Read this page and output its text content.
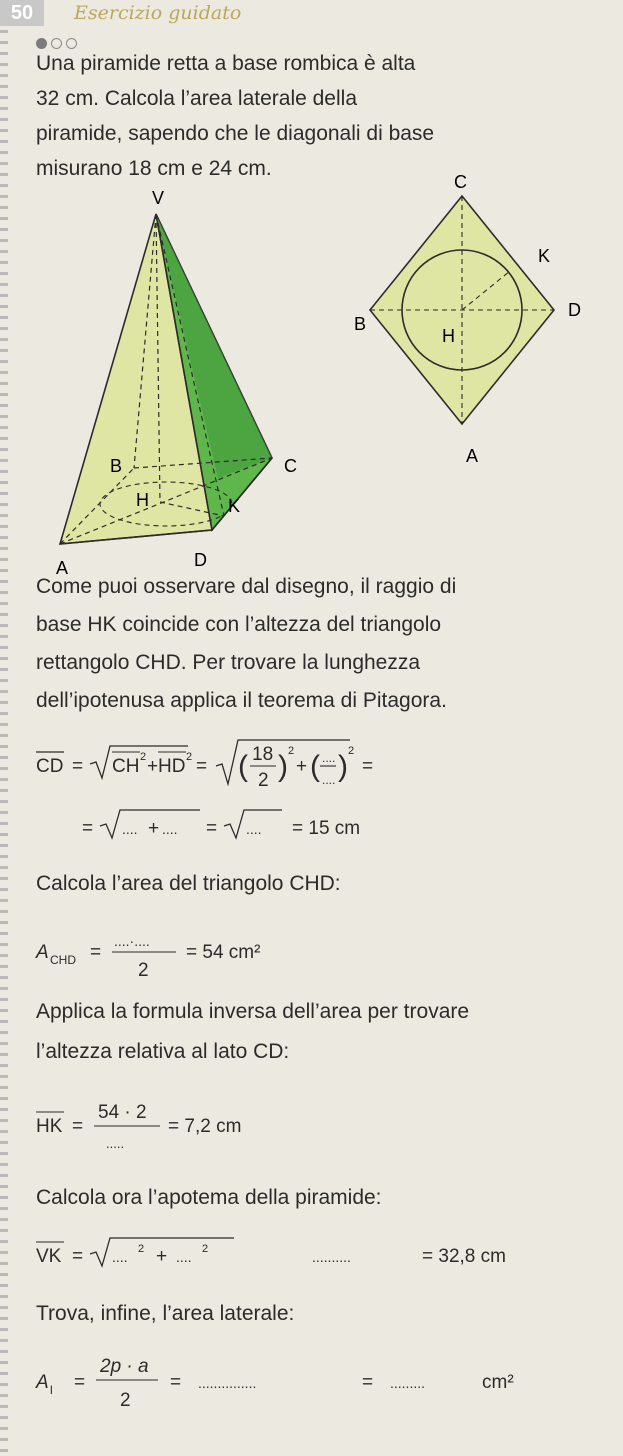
50	Esercizio guidato
Una piramide retta a base rombica è alta
32 cm. Calcola l’area laterale della
piramide, sapendo che le diagonali di base
misurano 18 cm e 24 cm.
V
B	C
H	K
A	D
C
K
B
D
H
A
Come puoi osservare dal disegno, il raggio di
base HK coincide con l’altezza del triangolo
rettangolo CHD. Per trovare la lunghezza
dell’ipotenusa applica il teorema di Pitagora.
CD = CH 2 + HD 2 = ( 18
2 ) 2
+ ( ....
.... ) 2
=
= .... + .... = .... = 15 cm
Calcola l’area del triangolo CHD:
A CHD =
....·....
2
= 54 cm²
Applica la formula inversa dell’area per trovare
l’altezza relativa al lato CD:
HK =
54 · 2
.....
= 7,2 cm
Calcola ora l’apotema della piramide:
VK = .... 2 + .... 2	..........	= 32,8 cm
Trova, infine, l’area laterale:
A l =
2p · a
2
= ...............	= .........	cm²
